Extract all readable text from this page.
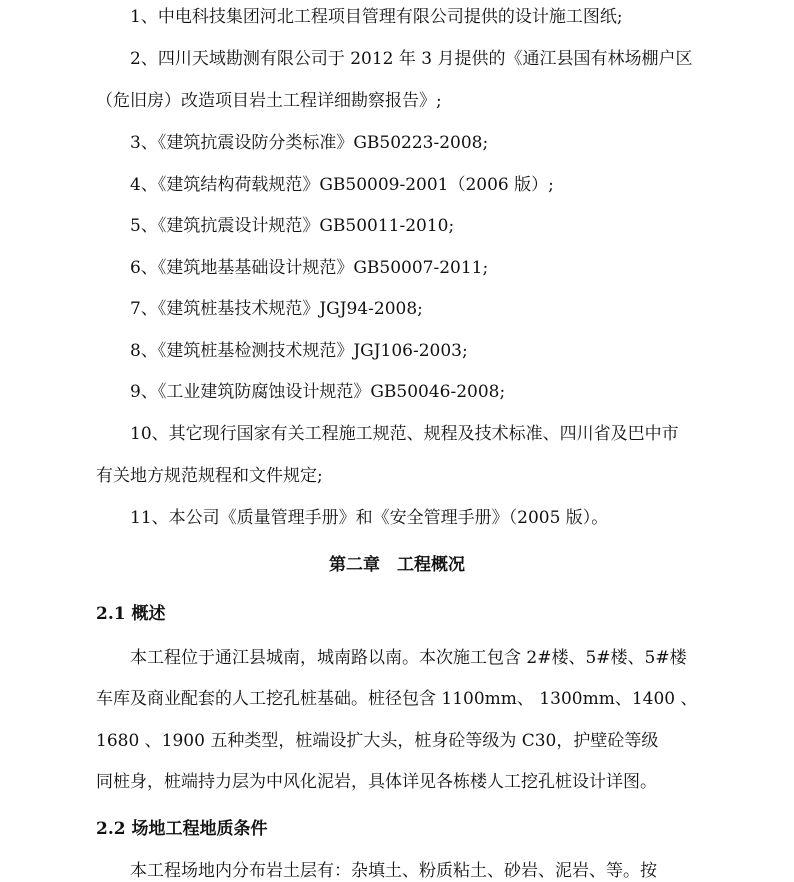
1、中电科技集团河北工程项目管理有限公司提供的设计施工图纸;
2、四川天域勘测有限公司于 2012 年 3 月提供的《通江县国有林场棚户区
（危旧房）改造项目岩土工程详细勘察报告》;
3、《建筑抗震设防分类标准》GB50223-2008;
4、《建筑结构荷载规范》GB50009-2001（2006 版）;
5、《建筑抗震设计规范》GB50011-2010;
6、《建筑地基基础设计规范》GB50007-2011;
7、《建筑桩基技术规范》JGJ94-2008;
8、《建筑桩基检测技术规范》JGJ106-2003;
9、《工业建筑防腐蚀设计规范》GB50046-2008;
10、其它现行国家有关工程施工规范、规程及技术标准、四川省及巴中市
有关地方规范规程和文件规定;
11、本公司《质量管理手册》和《安全管理手册》（2005 版）。
第二章　工程概况
2.1 概述
本工程位于通江县城南，城南路以南。本次施工包含 2#楼、5#楼、5#楼
车库及商业配套的人工挖孔桩基础。桩径包含 1100mm、 1300mm、1400 、
1680 、1900 五种类型，桩端设扩大头，桩身砼等级为 C30，护壁砼等级
同桩身，桩端持力层为中风化泥岩，具体详见各栋楼人工挖孔桩设计详图。
2.2 场地工程地质条件
本工程场地内分布岩土层有：杂填土、粉质粘土、砂岩、泥岩、等。按
